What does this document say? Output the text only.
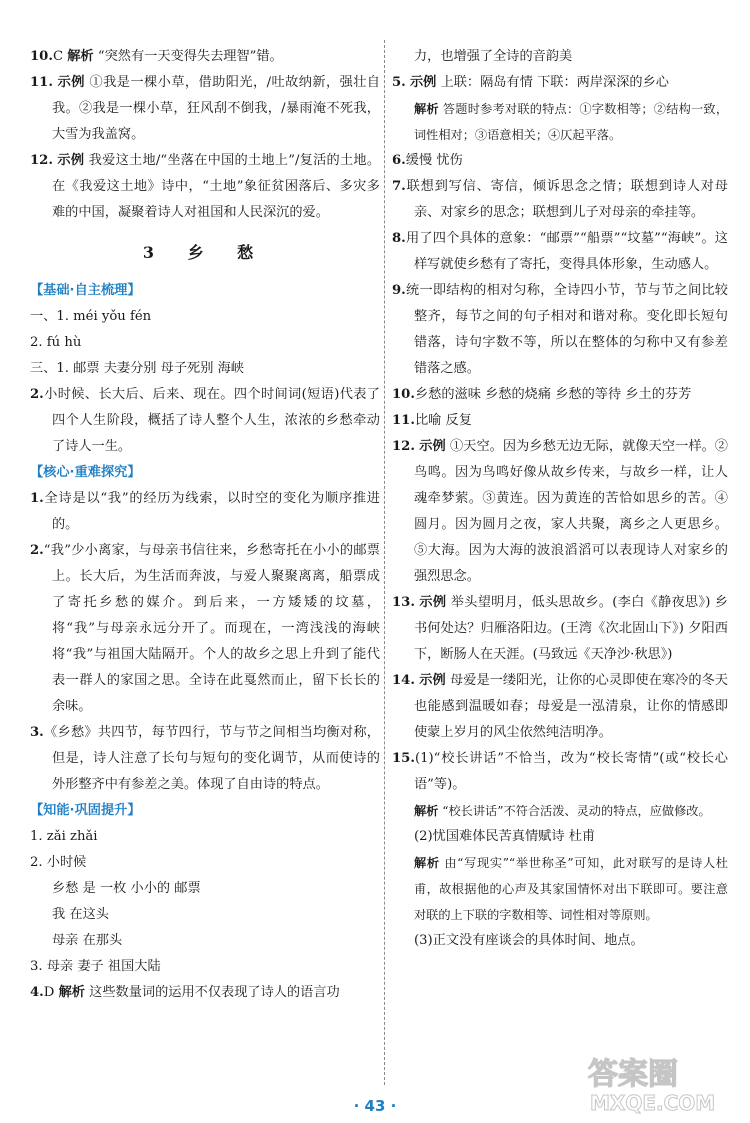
10.C 解析 “突然有一天变得失去理智”错。
11. 示例 ①我是一棵小草，借助阳光，/吐故纳新，强壮自我。②我是一棵小草，狂风刮不倒我，/暴雨淹不死我，大雪为我盖窝。
12. 示例 我爱这土地/“坐落在中国的土地上”/复活的土地。在《我爱这土地》诗中，“土地”象征贫困落后、多灾多难的中国，凝聚着诗人对祖国和人民深沉的爱。
3 乡 愁
【基础·自主梳理】
一、1. méi yǒu fén
2. fú hù
三、1. 邮票 夫妻分别 母子死别 海峡
2.小时候、长大后、后来、现在。四个时间词(短语)代表了四个人生阶段，概括了诗人整个人生，浓浓的乡愁牵动了诗人一生。
【核心·重难探究】
1.全诗是以“我”的经历为线索，以时空的变化为顺序推进的。
2.“我”少小离家，与母亲书信往来，乡愁寄托在小小的邮票上。长大后，为生活而奔波，与爱人聚聚离离，船票成了寄托乡愁的媒介。到后来，一方矮矮的坟墓，将“我”与母亲永远分开了。而现在，一湾浅浅的海峡将“我”与祖国大陆隔开。个人的故乡之思上升到了能代表一群人的家国之思。全诗在此戛然而止，留下长长的余味。
3.《乡愁》共四节，每节四行，节与节之间相当均衡对称，但是，诗人注意了长句与短句的变化调节，从而使诗的外形整齐中有参差之美。体现了自由诗的特点。
【知能·巩固提升】
1. zǎi zhǎi
2. 小时候
乡愁 是 一枚 小小的 邮票
我 在这头
母亲 在那头
3. 母亲 妻子 祖国大陆
4.D 解析 这些数量词的运用不仅表现了诗人的语言功
力，也增强了全诗的音韵美
5. 示例 上联：隔岛有情 下联：两岸深深的乡心
解析 答题时参考对联的特点：①字数相等；②结构一致，词性相对；③语意相关；④仄起平落。
6.缓慢 忧伤
7.联想到写信、寄信，倾诉思念之情；联想到诗人对母亲、对家乡的思念；联想到儿子对母亲的牵挂等。
8.用了四个具体的意象：“邮票”“船票”“坟墓”“海峡”。这样写就使乡愁有了寄托，变得具体形象，生动感人。
9.统一即结构的相对匀称，全诗四小节，节与节之间比较整齐，每节之间的句子相对和谐对称。变化即长短句错落，诗句字数不等，所以在整体的匀称中又有参差错落之感。
10.乡愁的滋味 乡愁的烧痛 乡愁的等待 乡土的芬芳
11.比喻 反复
12. 示例 ①天空。因为乡愁无边无际，就像天空一样。②鸟鸣。因为鸟鸣好像从故乡传来，与故乡一样，让人魂牵梦萦。③黄连。因为黄连的苦恰如思乡的苦。④圆月。因为圆月之夜，家人共聚，离乡之人更思乡。⑤大海。因为大海的波浪滔滔可以表现诗人对家乡的强烈思念。
13. 示例 举头望明月，低头思故乡。(李白《静夜思》) 乡书何处达？归雁洛阳边。(王湾《次北固山下》) 夕阳西下，断肠人在天涯。(马致远《天净沙·秋思》)
14. 示例 母爱是一缕阳光，让你的心灵即使在寒冷的冬天也能感到温暖如春；母爱是一泓清泉，让你的情感即使蒙上岁月的风尘依然纯洁明净。
15.(1)“校长讲话”不恰当，改为“校长寄情”(或“校长心语”等)。
解析 “校长讲话”不符合活泼、灵动的特点，应做修改。
(2)忧国难体民苦真情赋诗 杜甫
解析 由“写现实”“举世称圣”可知，此对联写的是诗人杜甫，故根据他的心声及其家国情怀对出下联即可。要注意对联的上下联的字数相等、词性相对等原则。
(3)正文没有座谈会的具体时间、地点。
· 43 ·
答案圈
MXQE.COM
